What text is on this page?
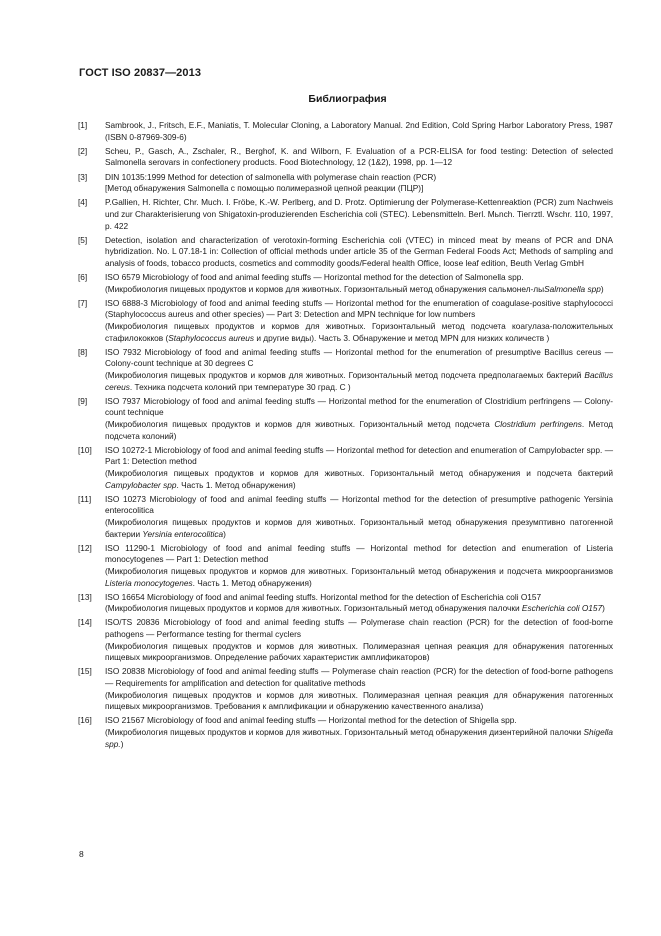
ГОСТ ISO 20837—2013
Библиография
[1] Sambrook, J., Fritsch, E.F., Maniatis, T. Molecular Cloning, a Laboratory Manual. 2nd Edition, Cold Spring Harbor Laboratory Press, 1987 (ISBN 0-87969-309-6)
[2] Scheu, P., Gasch, A., Zschaler, R., Berghof, K. and Wilborn, F. Evaluation of a PCR-ELISA for food testing: Detection of selected Salmonella serovars in confectionery products. Food Biotechnology, 12 (1&2), 1998, pp. 1—12
[3] DIN 10135:1999 Method for detection of salmonella with polymerase chain reaction (PCR)
[Метод обнаружения Salmonella с помощью полимеразной цепной реакции (ПЦР)]
[4] P.Gallien, H. Richter, Chr. Much. I. Fröbe, K.-W. Perlberg, and D. Protz. Optimierung der Polymerase-Kettenreaktion (PCR) zum Nachweis und zur Charakterisierung von Shigatoxin-produzierenden Escherichia coli (STEC). Lebensmitteln. Berl. Mьnch. Tiегrztl. Wschr. 110, 1997, p. 422
[5] Detection, isolation and characterization of verotoxin-forming Escherichia coli (VTEC) in minced meat by means of PCR and DNA hybridization. No. L 07.18-1 in: Collection of official methods under article 35 of the German Federal Foods Act; Methods of sampling and analysis of foods, tobacco products, cosmetics and commodity goods/Federal health Office, loose leaf edition, Beuth Verlag GmbH
[6] ISO 6579 Microbiology of food and animal feeding stuffs — Horizontal method for the detection of Salmonella spp.
(Микробиология пищевых продуктов и кормов для животных. Горизонтальный метод обнаружения сальмонел-лыSalmonella spp)
[7] ISO 6888-3 Microbiology of food and animal feeding stuffs — Horizontal method for the enumeration of coagulase-positive staphylococci (Staphylococcus aureus and other species) — Part 3: Detection and MPN technique for low numbers
(Микробиология пищевых продуктов и кормов для животных. Горизонтальный метод подсчета коагулаза-положительных стафилококков (Staphylococcus aureus и другие виды). Часть 3. Обнаружение и метод MPN для низких количеств )
[8] ISO 7932 Microbiology of food and animal feeding stuffs — Horizontal method for the enumeration of presumptive Bacillus cereus — Colony-count technique at 30 degrees C
(Микробиология пищевых продуктов и кормов для животных. Горизонтальный метод подсчета предполагаемых бактерий Bacillus cereus. Техника подсчета колоний при температуре 30 град. C )
[9] ISO 7937 Microbiology of food and animal feeding stuffs — Horizontal method for the enumeration of Clostridium perfringens — Colony-count technique
(Микробиология пищевых продуктов и кормов для животных. Горизонтальный метод подсчета Clostridium perfringens. Метод подсчета колоний)
[10] ISO 10272-1 Microbiology of food and animal feeding stuffs — Horizontal method for detection and enumeration of Campylobacter spp. — Part 1: Detection method
(Микробиология пищевых продуктов и кормов для животных. Горизонтальный метод обнаружения и подсчета бактерий Campylobacter spp. Часть 1. Метод обнаружения)
[11] ISO 10273 Microbiology of food and animal feeding stuffs — Horizontal method for the detection of presumptive pathogenic Yersinia enterocolitica
(Микробиология пищевых продуктов и кормов для животных. Горизонтальный метод обнаружения презумптивно патогенной бактерии Yersinia enterocolitica)
[12] ISO 11290-1 Microbiology of food and animal feeding stuffs — Horizontal method for detection and enumeration of Listeria monocytogenes — Part 1: Detection method
(Микробиология пищевых продуктов и кормов для животных. Горизонтальный метод обнаружения и подсчета микроорганизмов Listeria monocytogenes. Часть 1. Метод обнаружения)
[13] ISO 16654 Microbiology of food and animal feeding stuffs. Horizontal method for the detection of Escherichia coli O157
(Микробиология пищевых продуктов и кормов для животных. Горизонтальный метод обнаружения палочки Escherichia coli O157)
[14] ISO/TS 20836 Microbiology of food and animal feeding stuffs — Polymerase chain reaction (PCR) for the detection of food-borne pathogens — Performance testing for thermal cyclers
(Микробиология пищевых продуктов и кормов для животных. Полимеразная цепная реакция для обнаружения патогенных пищевых микроорганизмов. Определение рабочих характеристик амплификаторов)
[15] ISO 20838 Microbiology of food and animal feeding stuffs — Polymerase chain reaction (PCR) for the detection of food-borne pathogens — Requirements for amplification and detection for qualitative methods
(Микробиология пищевых продуктов и кормов для животных. Полимеразная цепная реакция для обнаружения патогенных пищевых микроорганизмов. Требования к амплификации и обнаружению качественного анализа)
[16] ISO 21567 Microbiology of food and animal feeding stuffs — Horizontal method for the detection of Shigella spp.
(Микробиология пищевых продуктов и кормов для животных. Горизонтальный метод обнаружения дизентерийной палочки Shigella spp.)
8
